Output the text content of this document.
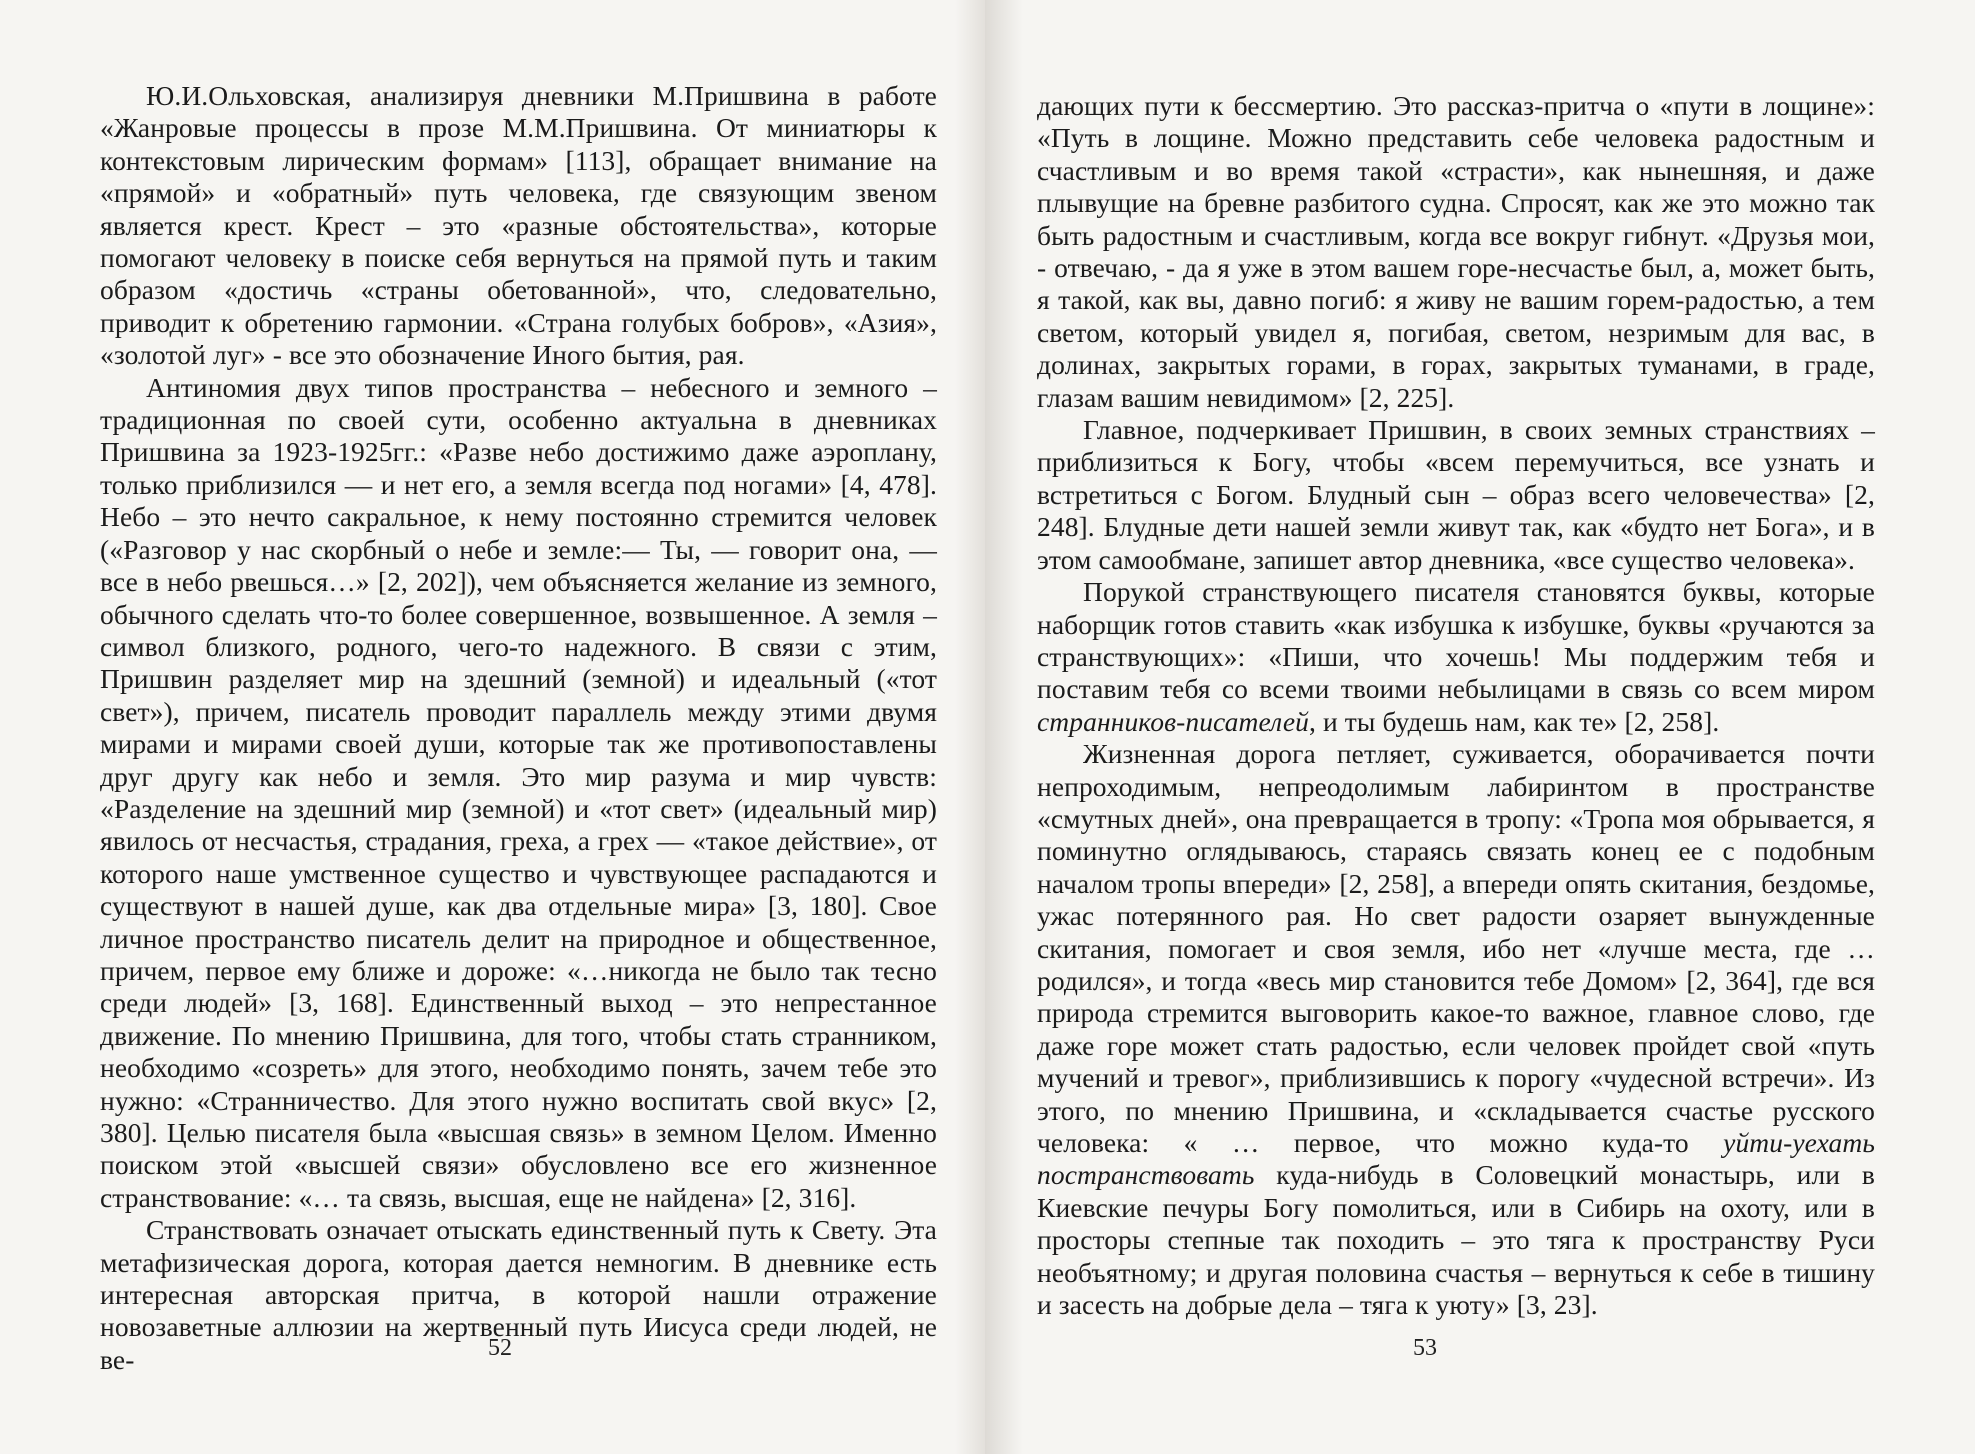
Ю.И.Ольховская, анализируя дневники М.Пришвина в работе «Жанровые процессы в прозе М.М.Пришвина. От миниатюры к контекстовым лирическим формам» [113], обращает внимание на «прямой» и «обратный» путь человека, где связующим звеном является крест. Крест – это «разные обстоятельства», которые помогают человеку в поиске себя вернуться на прямой путь и таким образом «достичь «страны обетованной», что, следовательно, приводит к обретению гармонии. «Страна голубых бобров», «Азия», «золотой луг» - все это обозначение Иного бытия, рая.

Антиномия двух типов пространства – небесного и земного – традиционная по своей сути, особенно актуальна в дневниках Пришвина за 1923-1925гг.: «Разве небо достижимо даже аэроплану, только приблизился — и нет его, а земля всегда под ногами» [4, 478]. Небо – это нечто сакральное, к нему постоянно стремится человек («Разговор у нас скорбный о небе и земле:— Ты, — говорит она, — все в небо рвешься…» [2, 202]), чем объясняется желание из земного, обычного сделать что-то более совершенное, возвышенное. А земля – символ близкого, родного, чего-то надежного. В связи с этим, Пришвин разделяет мир на здешний (земной) и идеальный («тот свет»), причем, писатель проводит параллель между этими двумя мирами и мирами своей души, которые так же противопоставлены друг другу как небо и земля. Это мир разума и мир чувств: «Разделение на здешний мир (земной) и «тот свет» (идеальный мир) явилось от несчастья, страдания, греха, а грех — «такое действие», от которого наше умственное существо и чувствующее распадаются и существуют в нашей душе, как два отдельные мира» [3, 180]. Свое личное пространство писатель делит на природное и общественное, причем, первое ему ближе и дороже: «…никогда не было так тесно среди людей» [3, 168]. Единственный выход – это непрестанное движение. По мнению Пришвина, для того, чтобы стать странником, необходимо «созреть» для этого, необходимо понять, зачем тебе это нужно: «Странничество. Для этого нужно воспитать свой вкус» [2, 380]. Целью писателя была «высшая связь» в земном Целом. Именно поиском этой «высшей связи» обусловлено все его жизненное странствование: «… та связь, высшая, еще не найдена» [2, 316].

Странствовать означает отыскать единственный путь к Свету. Эта метафизическая дорога, которая дается немногим. В дневнике есть интересная авторская притча, в которой нашли отражение новозаветные аллюзии на жертвенный путь Иисуса среди людей, не ве-	52

дающих пути к бессмертию. Это рассказ-притча о «пути в лощине»: «Путь в лощине. Можно представить себе человека радостным и счастливым и во время такой «страсти», как нынешняя, и даже плывущие на бревне разбитого судна. Спросят, как же это можно так быть радостным и счастливым, когда все вокруг гибнут. «Друзья мои, - отвечаю, - да я уже в этом вашем горе-несчастье был, а, может быть, я такой, как вы, давно погиб: я живу не вашим горем-радостью, а тем светом, который увидел я, погибая, светом, незримым для вас, в долинах, закрытых горами, в горах, закрытых туманами, в граде, глазам вашим невидимом» [2, 225].

Главное, подчеркивает Пришвин, в своих земных странствиях – приблизиться к Богу, чтобы «всем перемучиться, все узнать и встретиться с Богом. Блудный сын – образ всего человечества» [2, 248]. Блудные дети нашей земли живут так, как «будто нет Бога», и в этом самообмане, запишет автор дневника, «все существо человека».

Порукой странствующего писателя становятся буквы, которые наборщик готов ставить «как избушка к избушке, буквы «ручаются за странствующих»: «Пиши, что хочешь! Мы поддержим тебя и поставим тебя со всеми твоими небылицами в связь со всем миром странников-писателей, и ты будешь нам, как те» [2, 258].

Жизненная дорога петляет, суживается, оборачивается почти непроходимым, непреодолимым лабиринтом в пространстве «смутных дней», она превращается в тропу: «Тропа моя обрывается, я поминутно оглядываюсь, стараясь связать конец ее с подобным началом тропы впереди» [2, 258], а впереди опять скитания, бездомье, ужас потерянного рая. Но свет радости озаряет вынужденные скитания, помогает и своя земля, ибо нет «лучше места, где … родился», и тогда «весь мир становится тебе Домом» [2, 364], где вся природа стремится выговорить какое-то важное, главное слово, где даже горе может стать радостью, если человек пройдет свой «путь мучений и тревог», приблизившись к порогу «чудесной встречи». Из этого, по мнению Пришвина, и «складывается счастье русского человека: « … первое, что можно куда-то уйти-уехать постранствовать куда-нибудь в Соловецкий монастырь, или в Киевские печуры Богу помолиться, или в Сибирь на охоту, или в просторы степные так походить – это тяга к пространству Руси необъятному; и другая половина счастья – вернуться к себе в тишину и засесть на добрые дела – тяга к уюту» [3, 23].

53
